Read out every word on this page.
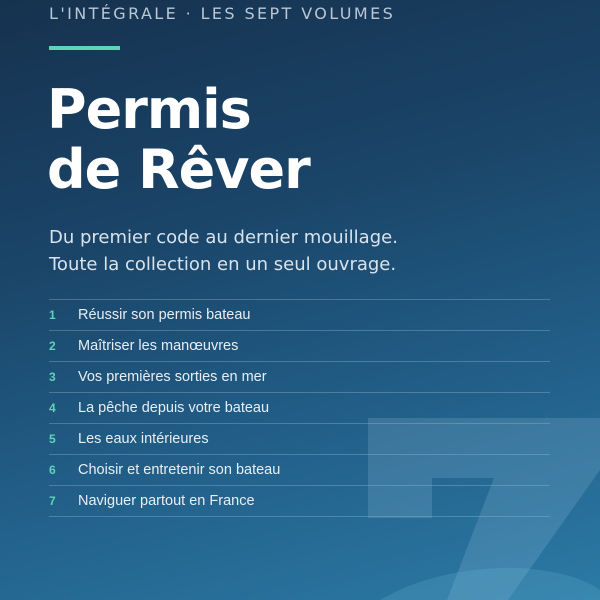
L'INTÉGRALE · LES SEPT VOLUMES
Permis
de Rêver
Du premier code au dernier mouillage.
Toute la collection en un seul ouvrage.
1	Réussir son permis bateau
2	Maîtriser les manœuvres
3	Vos premières sorties en mer
4	La pêche depuis votre bateau
5	Les eaux intérieures
6	Choisir et entretenir son bateau
7	Naviguer partout en France
